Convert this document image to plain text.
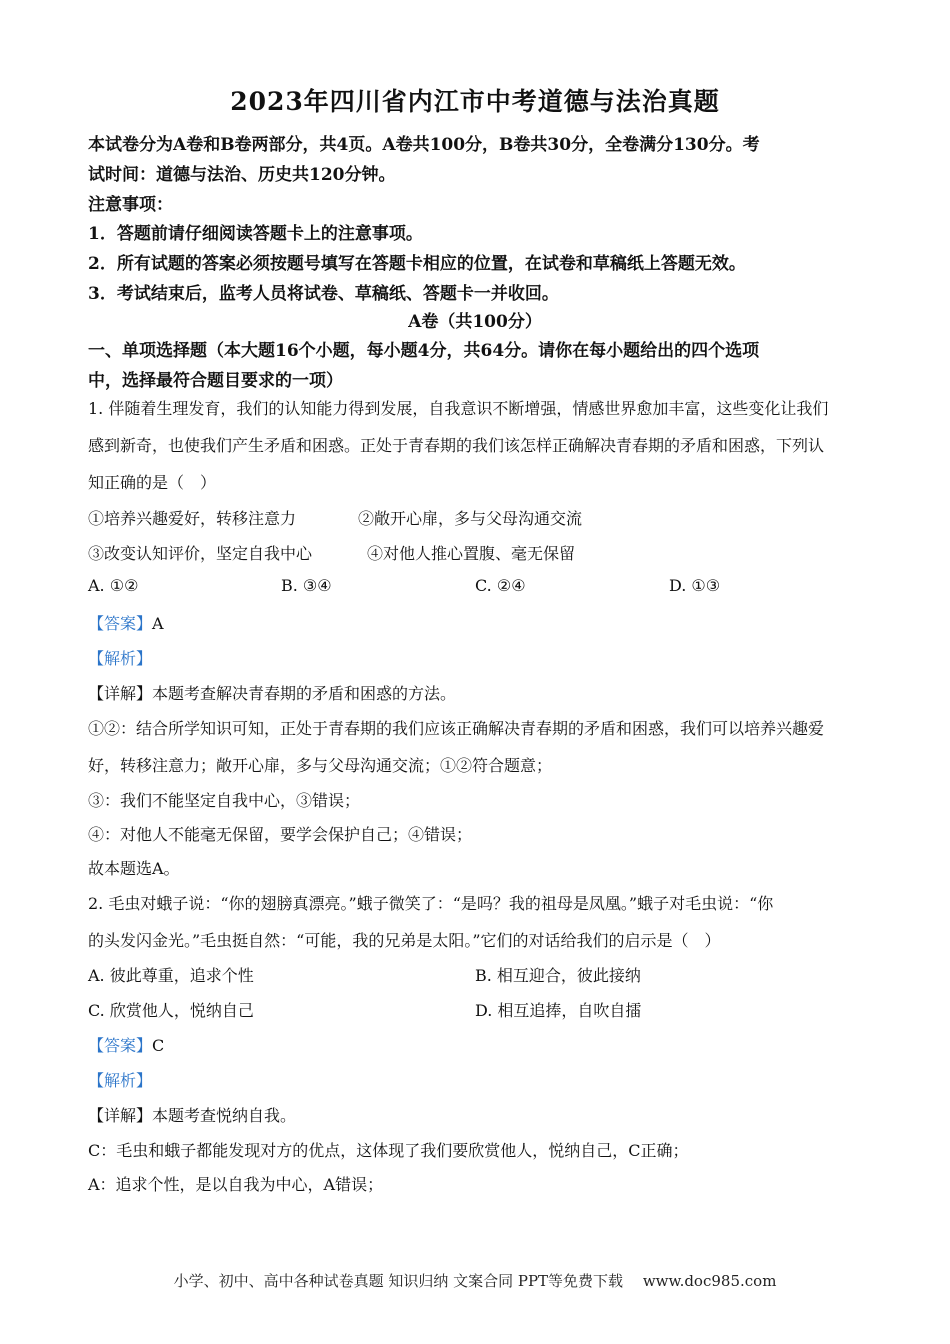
2023年四川省内江市中考道德与法治真题
本试卷分为A卷和B卷两部分，共4页。A卷共100分，B卷共30分，全卷满分130分。考
试时间：道德与法治、历史共120分钟。
注意事项：
1．答题前请仔细阅读答题卡上的注意事项。
2．所有试题的答案必须按题号填写在答题卡相应的位置，在试卷和草稿纸上答题无效。
3．考试结束后，监考人员将试卷、草稿纸、答题卡一并收回。
A卷（共100分）
一、单项选择题（本大题16个小题，每小题4分，共64分。请你在每小题给出的四个选项
中，选择最符合题目要求的一项）
1. 伴随着生理发育，我们的认知能力得到发展，自我意识不断增强，情感世界愈加丰富，这些变化让我们
感到新奇，也使我们产生矛盾和困惑。正处于青春期的我们该怎样正确解决青春期的矛盾和困惑，下列认
知正确的是（　）
①培养兴趣爱好，转移注意力	②敞开心扉，多与父母沟通交流
③改变认知评价，坚定自我中心	④对他人推心置腹、毫无保留
A. ①②	B. ③④	C. ②④	D. ①③
【答案】A
【解析】
【详解】本题考查解决青春期的矛盾和困惑的方法。
①②：结合所学知识可知，正处于青春期的我们应该正确解决青春期的矛盾和困惑，我们可以培养兴趣爱
好，转移注意力；敞开心扉，多与父母沟通交流；①②符合题意；
③：我们不能坚定自我中心，③错误；
④：对他人不能毫无保留，要学会保护自己；④错误；
故本题选A。
2. 毛虫对蛾子说：“你的翅膀真漂亮。”蛾子微笑了：“是吗？我的祖母是凤凰。”蛾子对毛虫说：“你
的头发闪金光。”毛虫挺自然：“可能，我的兄弟是太阳。”它们的对话给我们的启示是（　）
A. 彼此尊重，追求个性	B. 相互迎合，彼此接纳
C. 欣赏他人，悦纳自己	D. 相互追捧，自吹自擂
【答案】C
【解析】
【详解】本题考查悦纳自我。
C：毛虫和蛾子都能发现对方的优点，这体现了我们要欣赏他人，悦纳自己，C正确；
A：追求个性，是以自我为中心，A错误；
小学、初中、高中各种试卷真题 知识归纳 文案合同 PPT等免费下载　 www.doc985.com
